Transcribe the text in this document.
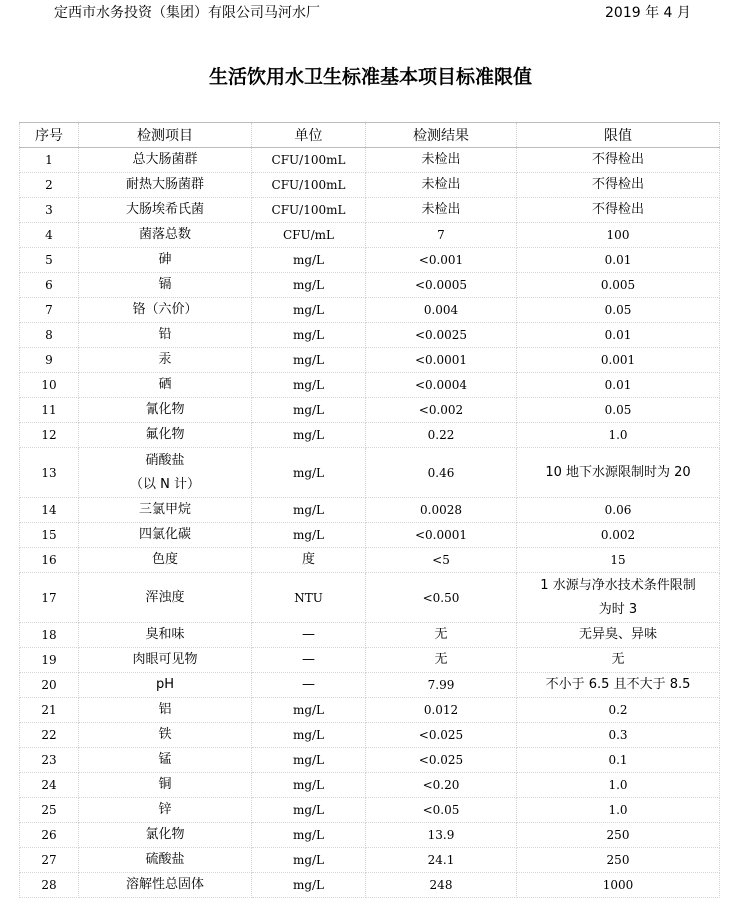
定西市水务投资（集团）有限公司马河水厂	2019 年 4 月
生活饮用水卫生标准基本项目标准限值
序号	检测项目	单位	检测结果	限值
1	总大肠菌群	CFU/100mL	未检出	不得检出
2	耐热大肠菌群	CFU/100mL	未检出	不得检出
3	大肠埃希氏菌	CFU/100mL	未检出	不得检出
4	菌落总数	CFU/mL	7	100
5	砷	mg/L	<0.001	0.01
6	镉	mg/L	<0.0005	0.005
7	铬（六价）	mg/L	0.004	0.05
8	铅	mg/L	<0.0025	0.01
9	汞	mg/L	<0.0001	0.001
10	硒	mg/L	<0.0004	0.01
11	氰化物	mg/L	<0.002	0.05
12	氟化物	mg/L	0.22	1.0
13	硝酸盐
（以 N 计）	mg/L	0.46	10 地下水源限制时为 20
14	三氯甲烷	mg/L	0.0028	0.06
15	四氯化碳	mg/L	<0.0001	0.002
16	色度	度	<5	15
17	浑浊度	NTU	<0.50	1 水源与净水技术条件限制
为时 3

18	臭和味	—	无	无异臭、异味
19	肉眼可见物	—	无	无
20	pH	—	7.99	不小于 6.5 且不大于 8.5
21	铝	mg/L	0.012	0.2
22	铁	mg/L	<0.025	0.3
23	锰	mg/L	<0.025	0.1
24	铜	mg/L	<0.20	1.0
25	锌	mg/L	<0.05	1.0
26	氯化物	mg/L	13.9	250
27	硫酸盐	mg/L	24.1	250
28	溶解性总固体	mg/L	248	1000
